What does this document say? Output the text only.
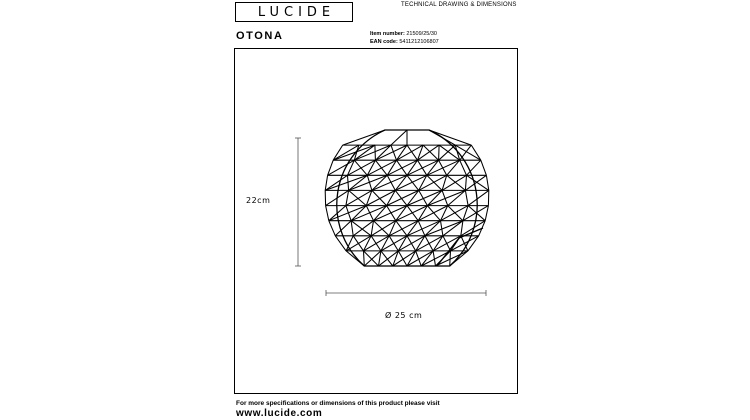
LUCIDE	TECHNICAL DRAWING & DIMENSIONS
OTONA	Item number: 21509/25/30
EAN code: 5411212106807
22cm
Ø 25 cm
For more specifications or dimensions of this product please visit
www.lucide.com
